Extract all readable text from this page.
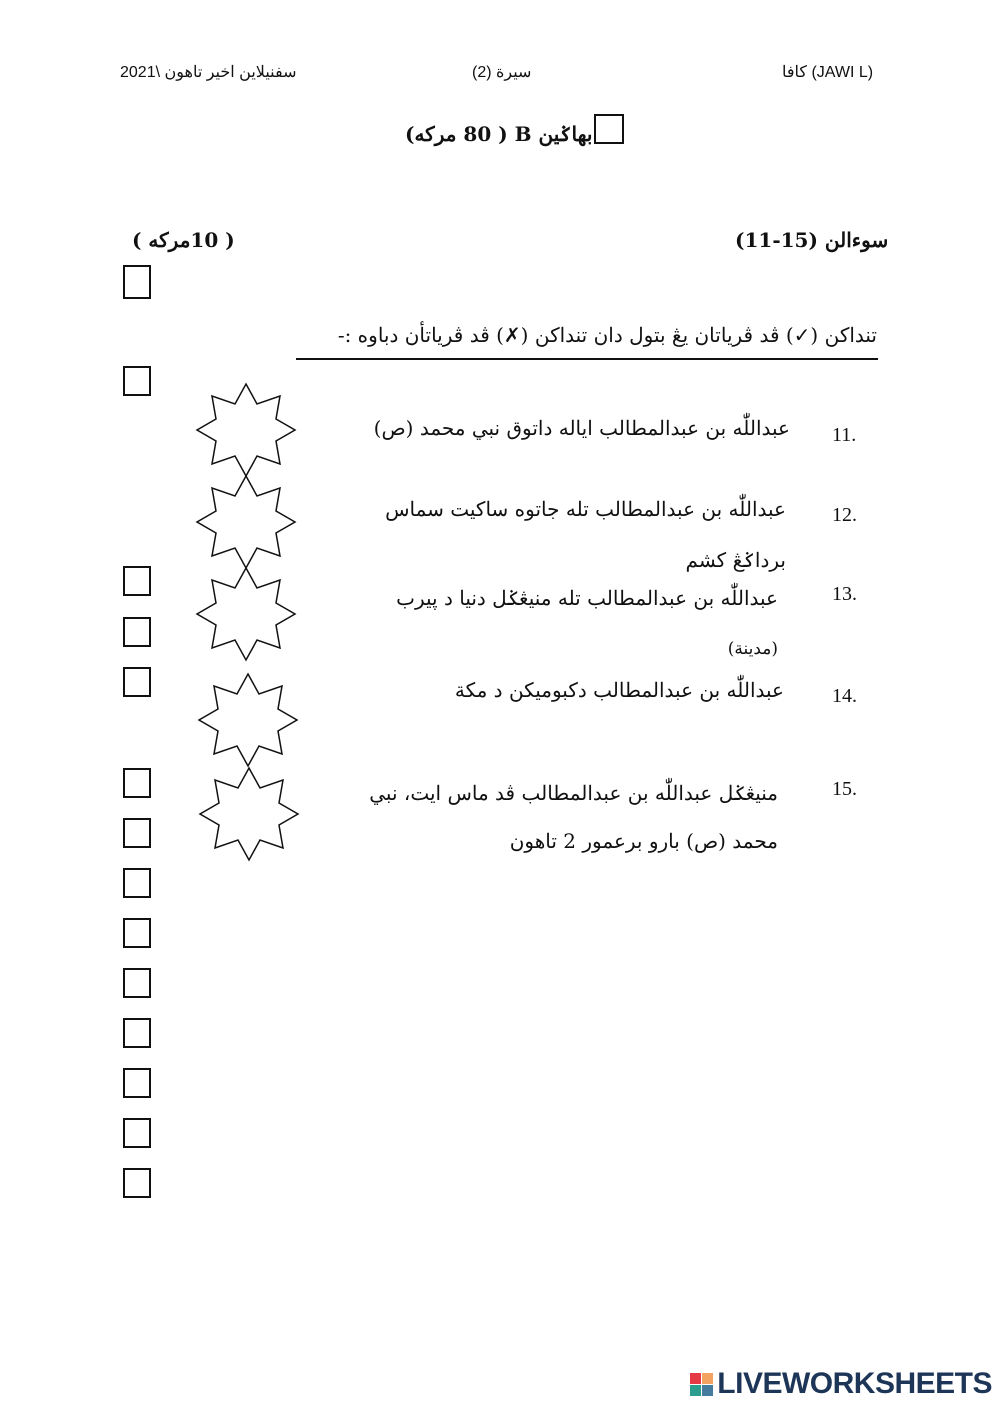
سفنيلاين اخير تاهون \2021	سيرة (2)	كافا (JAWI L)
بهاݢين B ( 80 مركه)
سوءالن (15-11)
( 10مركه )
تنداكن (✓) ڤد ڤرياتان يڠ بتول دان تنداكن (✗) ڤد ڤرياتأن دباوه :-
11.
عبداللّٰه بن عبدالمطالب اياله داتوق نبي محمد (ص)
12.
عبداللّٰه بن عبدالمطالب تله جاتوه ساكيت سماس
برداݢڠ كشم
13.
عبداللّٰه بن عبدالمطالب تله منيڠݢل دنيا د ڽيرب
(مدينة)
14.
عبداللّٰه بن عبدالمطالب دكبوميكن د مكة
15.
منيڠݢل عبداللّٰه بن عبدالمطالب ڤد ماس ايت، نبي
محمد (ص) بارو برعمور 2 تاهون
LIVEWORKSHEETS
